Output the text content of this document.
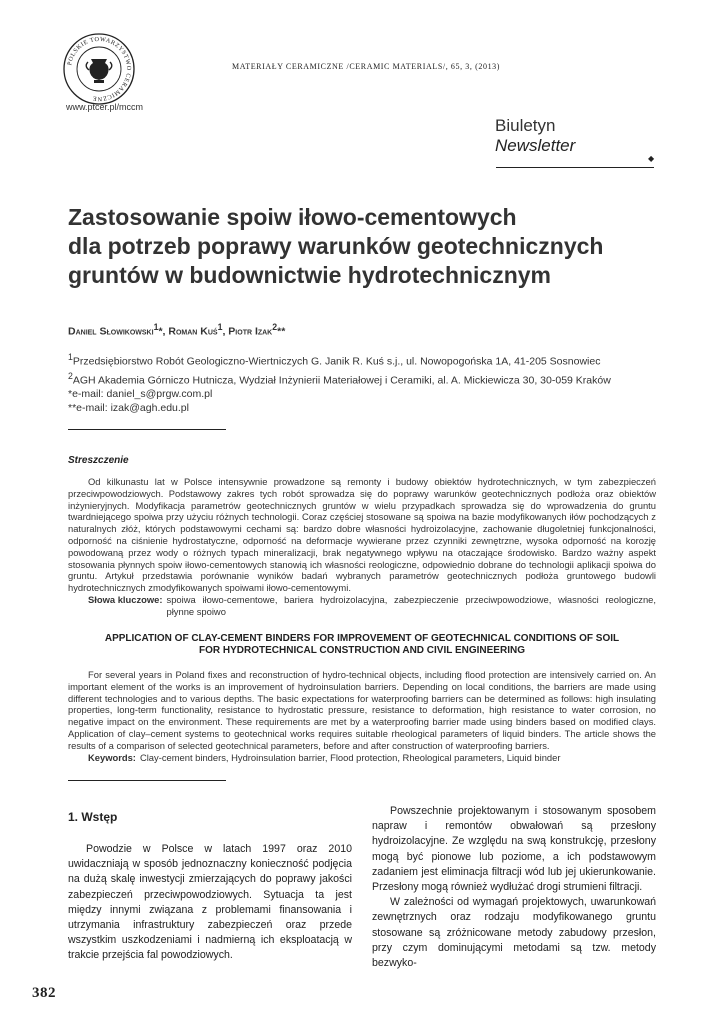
POLSKIE TOWARZYSTWO CERAMICZNE
www.ptcer.pl/mccm
MATERIAŁY CERAMICZNE /CERAMIC MATERIALS/, 65, 3, (2013)
Biuletyn
Newsletter
◆
Zastosowanie spoiw iłowo-cementowych
dla potrzeb poprawy warunków geotechnicznych
gruntów w budownictwie hydrotechnicznym
Daniel Słowikowski$^1$*, Roman Kuś$^1$, Piotr Izak$^2$**
$^1$Przedsiębiorstwo Robót Geologiczno-Wiertniczych G. Janik R. Kuś s.j., ul. Nowopogońska 1A, 41-205 Sosnowiec
$^2$AGH Akademia Górniczo Hutnicza, Wydział Inżynierii Materiałowej i Ceramiki, al. A. Mickiewicza 30, 30-059 Kraków
*e-mail: daniel_s@prgw.com.pl
**e-mail: izak@agh.edu.pl
Streszczenie

Od kilkunastu lat w Polsce intensywnie prowadzone są remonty i budowy obiektów hydrotechnicznych, w tym zabezpieczeń przeciwpowodziowych. Podstawowy zakres tych robót sprowadza się do poprawy warunków geotechnicznych podłoża oraz obiektów inżynieryjnych. Modyfikacja parametrów geotechnicznych gruntów w wielu przypadkach sprowadza się do wprowadzenia do gruntu twardniejącego spoiwa przy użyciu różnych technologii. Coraz częściej stosowane są spoiwa na bazie modyfikowanych iłów pochodzących z naturalnych złóż, których podstawowymi cechami są: bardzo dobre własności hydroizolacyjne, zachowanie długoletniej funkcjonalności, odporność na ciśnienie hydrostatyczne, odporność na deformacje wywierane przez czynniki zewnętrzne, wysoka odporność na korozję powodowaną przez wody o różnych typach mineralizacji, brak negatywnego wpływu na otaczające środowisko. Bardzo ważny aspekt stosowania płynnych spoiw iłowo-cementowych stanowią ich własności reologiczne, odpowiednio dobrane do technologii aplikacji spoiwa do gruntu. Artykuł przedstawia porównanie wyników badań wybranych parametrów geotechnicznych podłoża gruntowego budowli hydrotechnicznych zmodyfikowanych spoiwami iłowo-cementowymi.

Słowa kluczowe: spoiwa iłowo-cementowe, bariera hydroizolacyjna, zabezpieczenie przeciwpowodziowe, własności reologiczne, płynne spoiwo
APPLICATION OF CLAY-CEMENT BINDERS FOR IMPROVEMENT OF GEOTECHNICAL CONDITIONS OF SOIL
FOR HYDROTECHNICAL CONSTRUCTION AND CIVIL ENGINEERING

For several years in Poland fixes and reconstruction of hydro-technical objects, including flood protection are intensively carried on. An important element of the works is an improvement of hydroinsulation barriers. Depending on local conditions, the barriers are made using different technologies and to various depths. The basic expectations for waterproofing barriers can be determined as follows: high insulating properties, long-term functionality, resistance to hydrostatic pressure, resistance to deformation, high resistance to water corrosion, no negative impact on the environment. These requirements are met by a waterproofing barrier made using binders based on modified clays. Application of clay–cement systems to geotechnical works requires suitable rheological parameters of liquid binders. The article shows the results of a comparison of selected geotechnical parameters, before and after construction of waterproofing barriers.

Keywords: Clay-cement binders, Hydroinsulation barrier, Flood protection, Rheological parameters, Liquid binder
1. Wstęp

Powodzie w Polsce w latach 1997 oraz 2010 uwidaczniają w sposób jednoznaczny konieczność podjęcia na dużą skalę inwestycji zmierzających do poprawy jakości zabezpieczeń przeciwpowodziowych. Sytuacja ta jest między innymi związana z problemami finansowania i utrzymania infrastruktury zabezpieczeń oraz przede wszystkim uszkodzeniami i nadmierną ich eksploatacją w trakcie przejścia fal powodziowych.

Powszechnie projektowanym i stosowanym sposobem napraw i remontów obwałowań są przesłony hydroizolacyjne. Ze względu na swą konstrukcję, przesłony mogą być pionowe lub poziome, a ich podstawowym zadaniem jest eliminacja filtracji wód lub jej ukierunkowanie. Przesłony mogą również wydłużać drogi strumieni filtracji.

W zależności od wymagań projektowych, uwarunkowań zewnętrznych oraz rodzaju modyfikowanego gruntu stosowane są zróżnicowane metody zabudowy przesłon, przy czym dominującymi metodami są tzw. metody bezwyko-

382
